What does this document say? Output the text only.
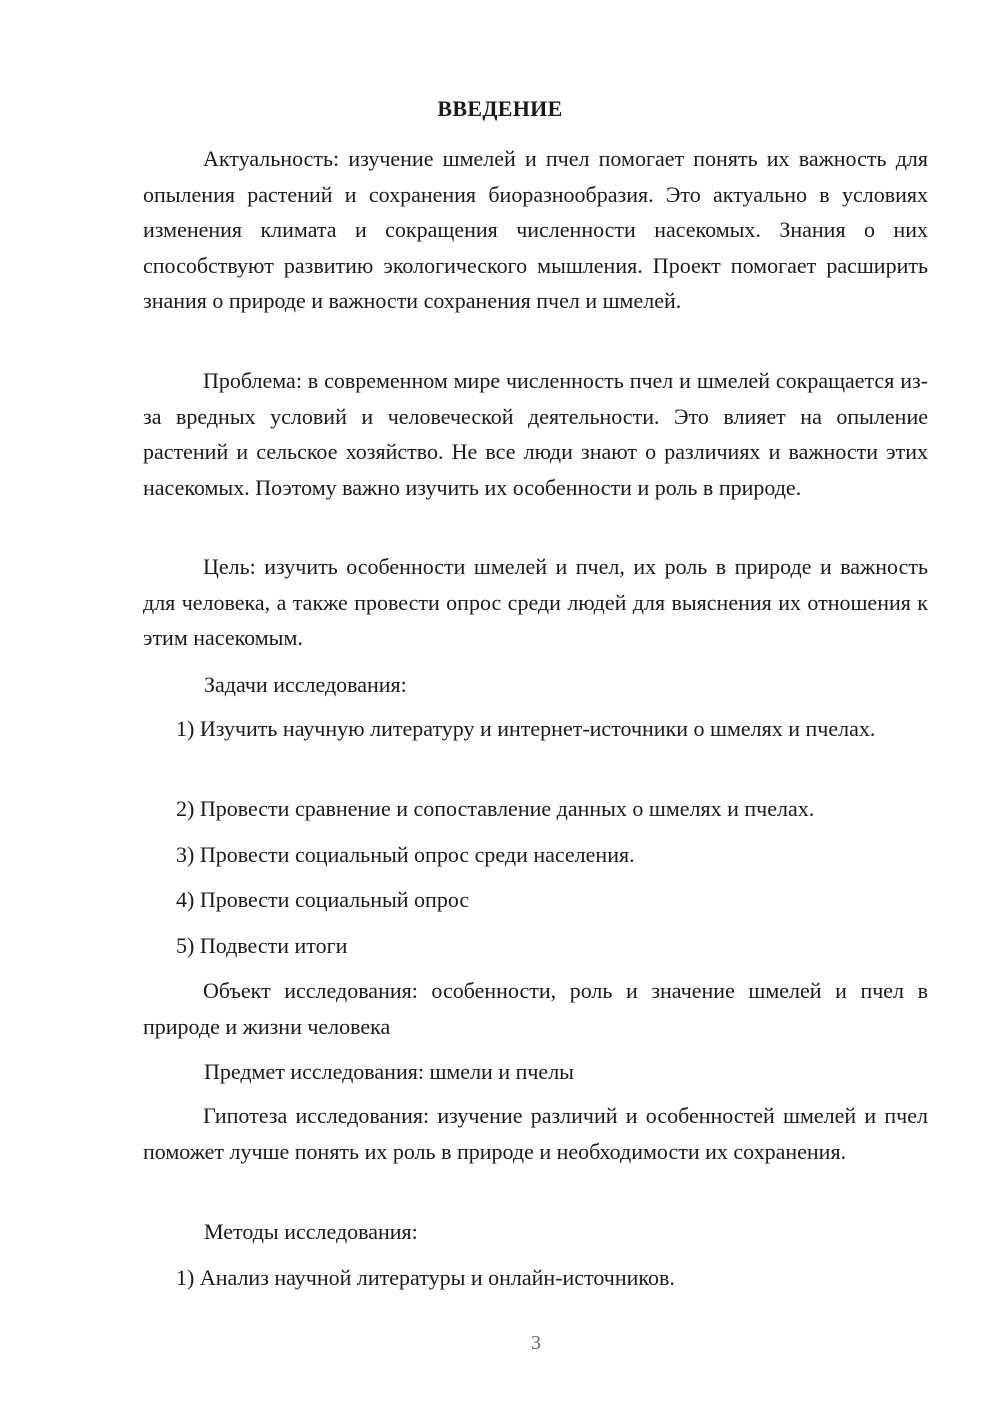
ВВЕДЕНИЕ

Актуальность: изучение шмелей и пчел помогает понять их важность для опыления растений и сохранения биоразнообразия. Это актуально в условиях изменения климата и сокращения численности насекомых. Знания о них способствуют развитию экологического мышления. Проект помогает расширить знания о природе и важности сохранения пчел и шмелей.

Проблема: в современном мире численность пчел и шмелей сокращается из-за вредных условий и человеческой деятельности. Это влияет на опыление растений и сельское хозяйство. Не все люди знают о различиях и важности этих насекомых. Поэтому важно изучить их особенности и роль в природе.

Цель: изучить особенности шмелей и пчел, их роль в природе и важность для человека, а также провести опрос среди людей для выяснения их отношения к этим насекомым.

Задачи исследования:

1) Изучить научную литературу и интернет-источники о шмелях и пчелах.

2) Провести сравнение и сопоставление данных о шмелях и пчелах.

3) Провести социальный опрос среди населения.

4) Провести социальный опрос

5) Подвести итоги

Объект исследования: особенности, роль и значение шмелей и пчел в природе и жизни человека

Предмет исследования: шмели и пчелы

Гипотеза исследования: изучение различий и особенностей шмелей и пчел поможет лучше понять их роль в природе и необходимости их сохранения.

Методы исследования:

1) Анализ научной литературы и онлайн-источников.

3
